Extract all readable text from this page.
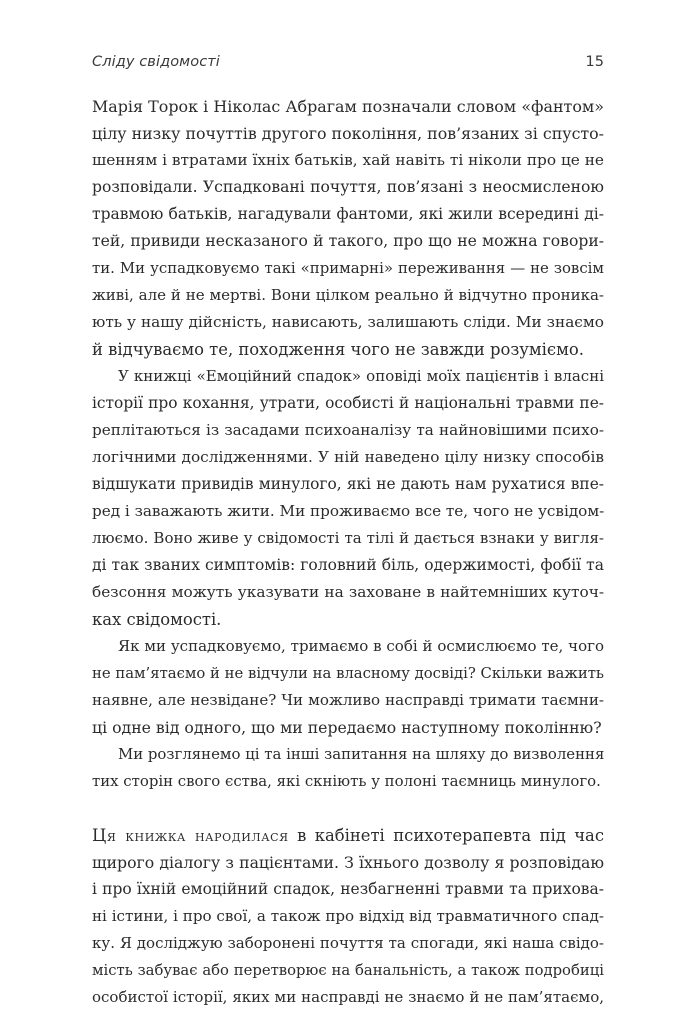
Сліду свідомості	15
Марія Торок і Ніколас Абрагам позначали словом «фантом»
цілу низку почуттів другого покоління, пов’язаних зі спусто-
шенням і втратами їхніх батьків, хай навіть ті ніколи про це не
розповідали. Успадковані почуття, пов’язані з неосмисленою
травмою батьків, нагадували фантоми, які жили всередині ді-
тей, привиди несказаного й такого, про що не можна говори-
ти. Ми успадковуємо такі «примарні» переживання — не зовсім
живі, але й не мертві. Вони цілком реально й відчутно проника-
ють у нашу дійсність, нависають, залишають сліди. Ми знаємо
й відчуваємо те, походження чого не завжди розуміємо.
У книжці «Емоційний спадок» оповіді моїх пацієнтів і власні
історії про кохання, утрати, особисті й національні травми пе-
реплітаються із засадами психоаналізу та найновішими психо-
логічними дослідженнями. У ній наведено цілу низку способів
відшукати привидів минулого, які не дають нам рухатися впе-
ред і заважають жити. Ми проживаємо все те, чого не усвідом-
люємо. Воно живе у свідомості та тілі й дається взнаки у вигля-
ді так званих симптомів: головний біль, одержимості, фобії та
безсоння можуть указувати на заховане в найтемніших куточ-
ках свідомості.
Як ми успадковуємо, тримаємо в собі й осмислюємо те, чого
не пам’ятаємо й не відчули на власному досвіді? Скільки важить
наявне, але незвідане? Чи можливо насправді тримати таємни-
ці одне від одного, що ми передаємо наступному поколінню?
Ми розглянемо ці та інші запитання на шляху до визволення
тих сторін свого єства, які скніють у полоні таємниць минулого.
Ця книжка народилася в кабінеті психотерапевта під час
щирого діалогу з пацієнтами. З їхнього дозволу я розповідаю
і про їхній емоційний спадок, незбагненні травми та прихова-
ні істини, і про свої, а також про відхід від травматичного спад-
ку. Я досліджую заборонені почуття та спогади, які наша свідо-
мість забуває або перетворює на банальність, а також подробиці
особистої історії, яких ми насправді не знаємо й не пам’ятаємо,
